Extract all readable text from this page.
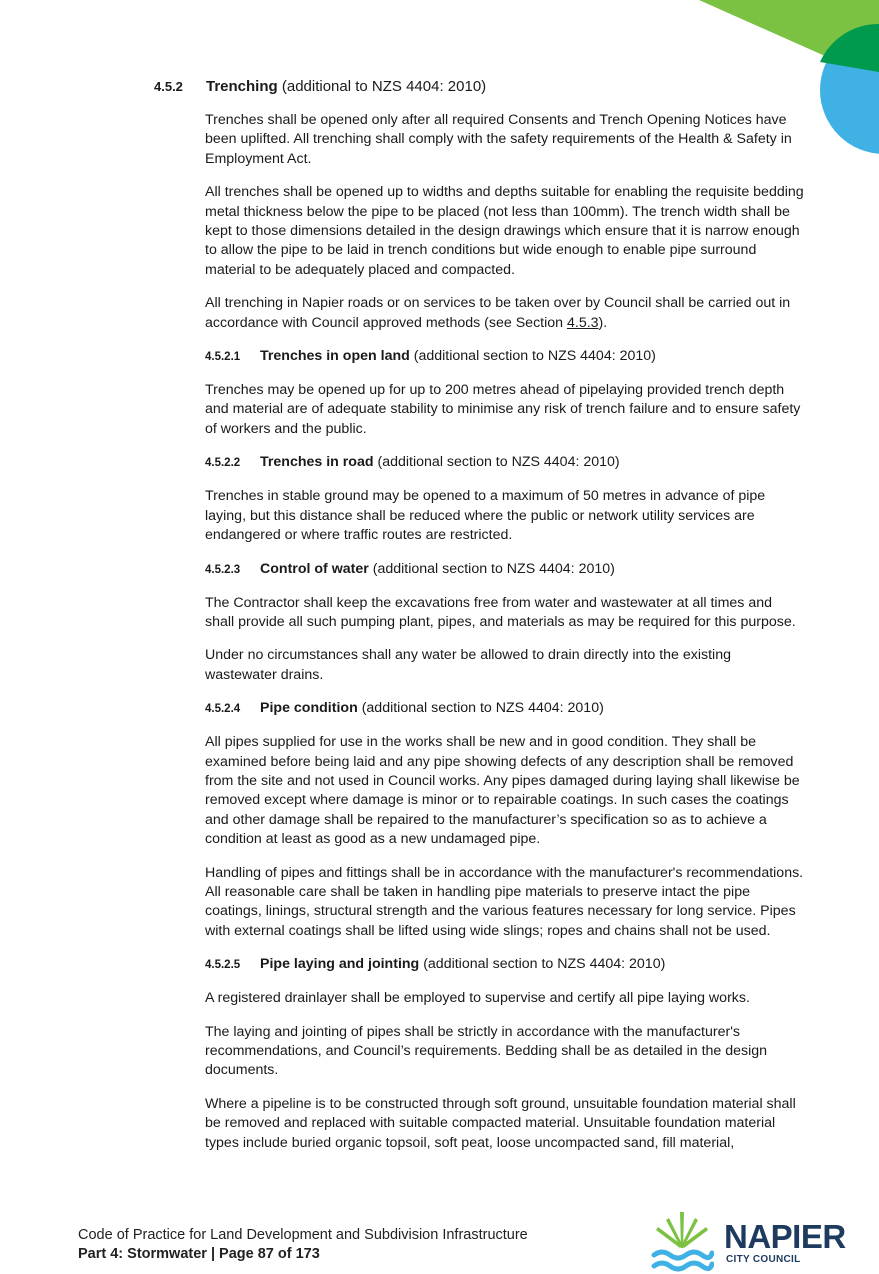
4.5.2 Trenching (additional to NZS 4404: 2010)

Trenches shall be opened only after all required Consents and Trench Opening Notices have been uplifted. All trenching shall comply with the safety requirements of the Health & Safety in Employment Act.

All trenches shall be opened up to widths and depths suitable for enabling the requisite bedding metal thickness below the pipe to be placed (not less than 100mm). The trench width shall be kept to those dimensions detailed in the design drawings which ensure that it is narrow enough to allow the pipe to be laid in trench conditions but wide enough to enable pipe surround material to be adequately placed and compacted.

All trenching in Napier roads or on services to be taken over by Council shall be carried out in accordance with Council approved methods (see Section 4.5.3).

4.5.2.1 Trenches in open land (additional section to NZS 4404: 2010)

Trenches may be opened up for up to 200 metres ahead of pipelaying provided trench depth and material are of adequate stability to minimise any risk of trench failure and to ensure safety of workers and the public.

4.5.2.2 Trenches in road (additional section to NZS 4404: 2010)

Trenches in stable ground may be opened to a maximum of 50 metres in advance of pipe laying, but this distance shall be reduced where the public or network utility services are endangered or where traffic routes are restricted.

4.5.2.3 Control of water (additional section to NZS 4404: 2010)

The Contractor shall keep the excavations free from water and wastewater at all times and shall provide all such pumping plant, pipes, and materials as may be required for this purpose.

Under no circumstances shall any water be allowed to drain directly into the existing wastewater drains.

4.5.2.4 Pipe condition (additional section to NZS 4404: 2010)

All pipes supplied for use in the works shall be new and in good condition. They shall be examined before being laid and any pipe showing defects of any description shall be removed from the site and not used in Council works. Any pipes damaged during laying shall likewise be removed except where damage is minor or to repairable coatings. In such cases the coatings and other damage shall be repaired to the manufacturer’s specification so as to achieve a condition at least as good as a new undamaged pipe.

Handling of pipes and fittings shall be in accordance with the manufacturer's recommendations. All reasonable care shall be taken in handling pipe materials to preserve intact the pipe coatings, linings, structural strength and the various features necessary for long service. Pipes with external coatings shall be lifted using wide slings; ropes and chains shall not be used.

4.5.2.5 Pipe laying and jointing (additional section to NZS 4404: 2010)

A registered drainlayer shall be employed to supervise and certify all pipe laying works.

The laying and jointing of pipes shall be strictly in accordance with the manufacturer's recommendations, and Council’s requirements. Bedding shall be as detailed in the design documents.

Where a pipeline is to be constructed through soft ground, unsuitable foundation material shall be removed and replaced with suitable compacted material. Unsuitable foundation material types include buried organic topsoil, soft peat, loose uncompacted sand, fill material,

Code of Practice for Land Development and Subdivision Infrastructure
Part 4: Stormwater | Page 87 of 173	NAPIER
CITY COUNCIL
